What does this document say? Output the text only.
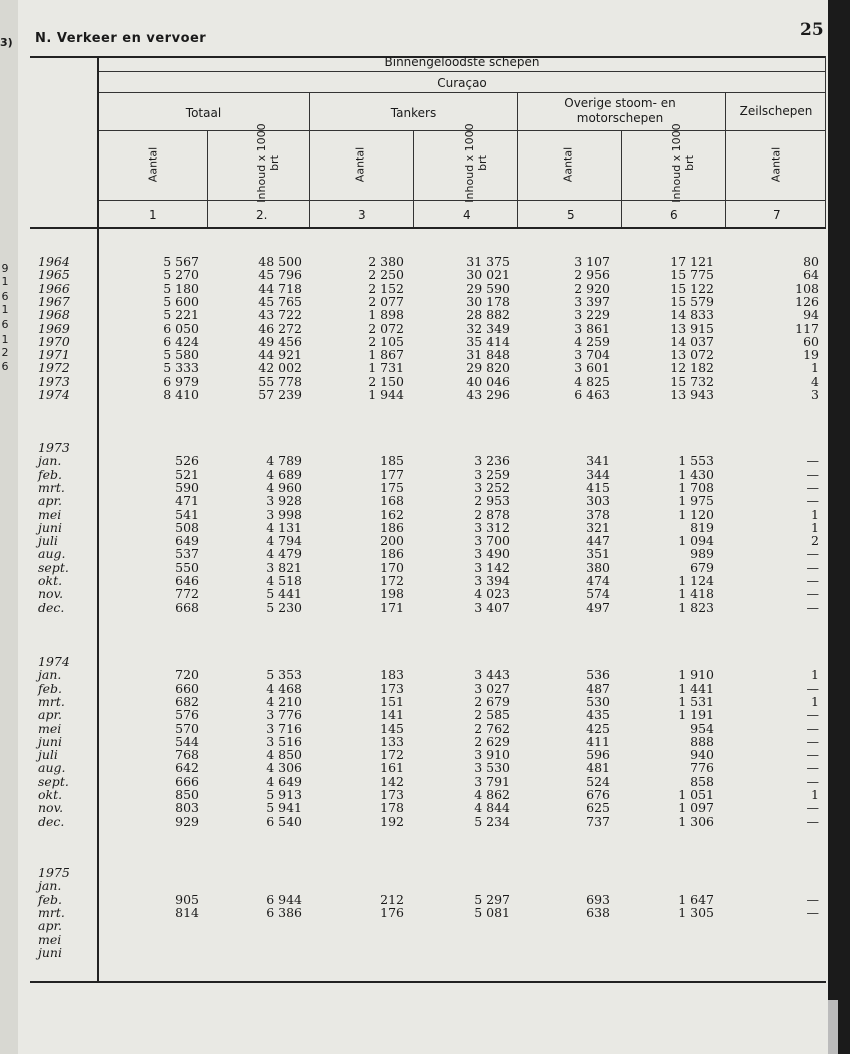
N. Verkeer en vervoer	25
3)
Binnengeloodste schepen
Curaçao
Totaal	Tankers
Overige stoom- en motorschepen	Zeilschepen
Aantal	Inhoud x 1000 brt	Aantal	Inhoud x 1000 brt	Aantal	Inhoud x 1000 brt	Aantal
1	2.	3	4	5	6	7
9
1
6
1
6
1
2
6
1964	5 567	48 500	2 380	31 375	3 107	17 121	80
1965	5 270	45 796	2 250	30 021	2 956	15 775	64
1966	5 180	44 718	2 152	29 590	2 920	15 122	108
1967	5 600	45 765	2 077	30 178	3 397	15 579	126
1968	5 221	43 722	1 898	28 882	3 229	14 833	94
1969	6 050	46 272	2 072	32 349	3 861	13 915	117
1970	6 424	49 456	2 105	35 414	4 259	14 037	60
1971	5 580	44 921	1 867	31 848	3 704	13 072	19
1972	5 333	42 002	1 731	29 820	3 601	12 182	1
1973	6 979	55 778	2 150	40 046	4 825	15 732	4
1974	8 410	57 239	1 944	43 296	6 463	13 943	3
1973
jan.	526	4 789	185	3 236	341	1 553	—
feb.	521	4 689	177	3 259	344	1 430	—
mrt.	590	4 960	175	3 252	415	1 708	—
apr.	471	3 928	168	2 953	303	1 975	—
mei	541	3 998	162	2 878	378	1 120	1
juni	508	4 131	186	3 312	321	819	1
juli	649	4 794	200	3 700	447	1 094	2
aug.	537	4 479	186	3 490	351	989	—
sept.	550	3 821	170	3 142	380	679	—
okt.	646	4 518	172	3 394	474	1 124	—
nov.	772	5 441	198	4 023	574	1 418	—
dec.	668	5 230	171	3 407	497	1 823	—
1974
jan.	720	5 353	183	3 443	536	1 910	1
feb.	660	4 468	173	3 027	487	1 441	—
mrt.	682	4 210	151	2 679	530	1 531	1
apr.	576	3 776	141	2 585	435	1 191	—
mei	570	3 716	145	2 762	425	954	—
juni	544	3 516	133	2 629	411	888	—
juli	768	4 850	172	3 910	596	940	—
aug.	642	4 306	161	3 530	481	776	—
sept.	666	4 649	142	3 791	524	858	—
okt.	850	5 913	173	4 862	676	1 051	1
nov.	803	5 941	178	4 844	625	1 097	—
dec.	929	6 540	192	5 234	737	1 306	—
1975
jan.
feb.	905	6 944	212	5 297	693	1 647	—
mrt.	814	6 386	176	5 081	638	1 305	—
apr.
mei
juni
